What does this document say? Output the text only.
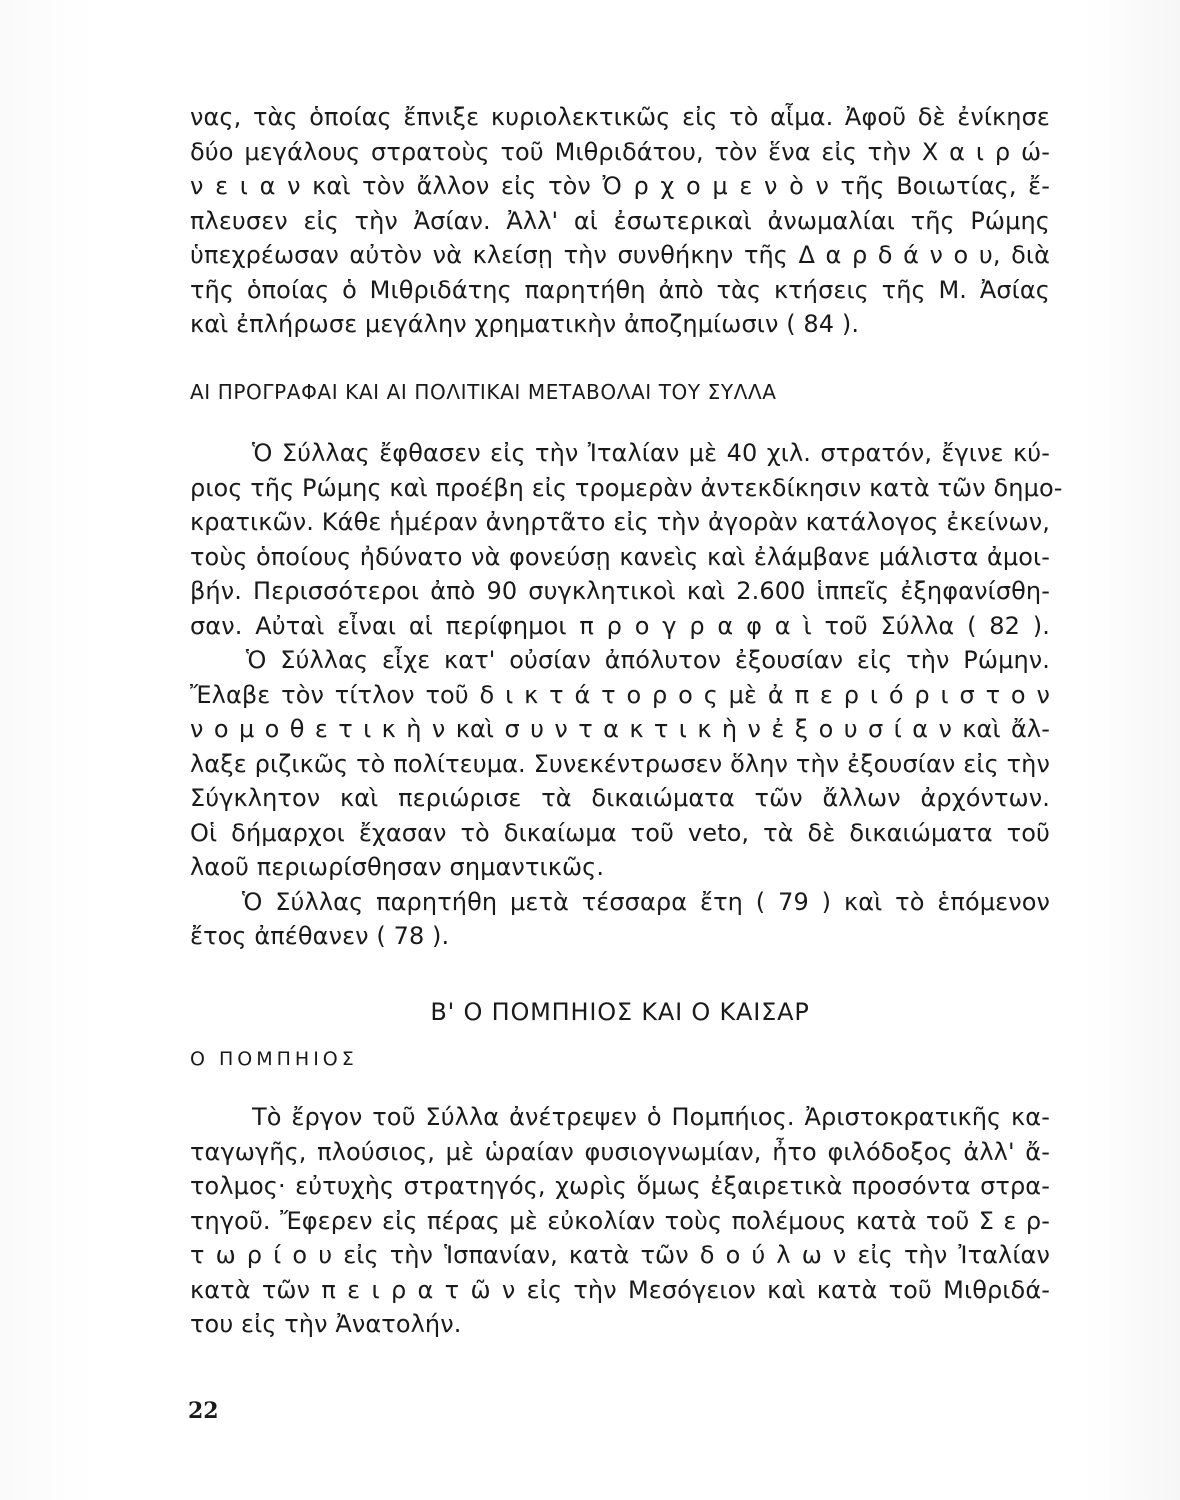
νας, τὰς ὁποίας ἔπνιξε κυριολεκτικῶς εἰς τὸ αἷμα. Ἀφοῦ δὲ ἐνίκησε
δύο μεγάλους στρατοὺς τοῦ Μιθριδάτου, τὸν ἕνα εἰς τὴν Χ α ι ρ ώ-
ν ε ι α ν καὶ τὸν ἄλλον εἰς τὸν Ὀ ρ χ ο μ ε ν ὸ ν τῆς Βοιωτίας, ἔ-
πλευσεν εἰς τὴν Ἀσίαν. Ἀλλ' αἱ ἐσωτερικαὶ ἀνωμαλίαι τῆς Ρώμης
ὑπεχρέωσαν αὐτὸν νὰ κλείσῃ τὴν συνθήκην τῆς Δ α ρ δ ά ν ο υ, διὰ
τῆς ὁποίας ὁ Μιθριδάτης παρητήθη ἀπὸ τὰς κτήσεις τῆς Μ. Ἀσίας
καὶ ἐπλήρωσε μεγάλην χρηματικὴν ἀποζημίωσιν ( 84 ).
ΑΙ ΠΡΟΓΡΑΦΑΙ ΚΑΙ ΑΙ ΠΟΛΙΤΙΚΑΙ ΜΕΤΑΒΟΛΑΙ ΤΟΥ ΣΥΛΛΑ
Ὁ Σύλλας ἔφθασεν εἰς τὴν Ἰταλίαν μὲ 40 χιλ. στρατόν, ἔγινε κύ-
ριος τῆς Ρώμης καὶ προέβη εἰς τρομερὰν ἀντεκδίκησιν κατὰ τῶν δημο-
κρατικῶν. Κάθε ἡμέραν ἀνηρτᾶτο εἰς τὴν ἀγορὰν κατάλογος ἐκείνων,
τοὺς ὁποίους ἠδύνατο νὰ φονεύσῃ κανεὶς καὶ ἐλάμβανε μάλιστα ἀμοι-
βήν. Περισσότεροι ἀπὸ 90 συγκλητικοὶ καὶ 2.600 ἱππεῖς ἐξηφανίσθη-
σαν. Αὐταὶ εἶναι αἱ περίφημοι π ρ ο γ ρ α φ α ὶ τοῦ Σύλλα ( 82 ).
Ὁ Σύλλας εἶχε κατ' οὐσίαν ἀπόλυτον ἐξουσίαν εἰς τὴν Ρώμην.
Ἔλαβε τὸν τίτλον τοῦ δ ι κ τ ά τ ο ρ ο ς μὲ ἀ π ε ρ ι ό ρ ι σ τ ο ν
ν ο μ ο θ ε τ ι κ ὴ ν καὶ σ υ ν τ α κ τ ι κ ὴ ν ἐ ξ ο υ σ ί α ν καὶ ἄλ-
λαξε ριζικῶς τὸ πολίτευμα. Συνεκέντρωσεν ὅλην τὴν ἐξουσίαν εἰς τὴν
Σύγκλητον καὶ περιώρισε τὰ δικαιώματα τῶν ἄλλων ἀρχόντων.
Οἱ δήμαρχοι ἔχασαν τὸ δικαίωμα τοῦ veto, τὰ δὲ δικαιώματα τοῦ
λαοῦ περιωρίσθησαν σημαντικῶς.
Ὁ Σύλλας παρητήθη μετὰ τέσσαρα ἔτη ( 79 ) καὶ τὸ ἑπόμενον
ἔτος ἀπέθανεν ( 78 ).
Β' Ο ΠΟΜΠΗΙΟΣ ΚΑΙ Ο ΚΑΙΣΑΡ
Ο ΠΟΜΠΗΙΟΣ
Τὸ ἔργον τοῦ Σύλλα ἀνέτρεψεν ὁ Πομπήιος. Ἀριστοκρατικῆς κα-
ταγωγῆς, πλούσιος, μὲ ὡραίαν φυσιογνωμίαν, ἦτο φιλόδοξος ἀλλ' ἄ-
τολμος· εὐτυχὴς στρατηγός, χωρὶς ὅμως ἐξαιρετικὰ προσόντα στρα-
τηγοῦ. Ἔφερεν εἰς πέρας μὲ εὐκολίαν τοὺς πολέμους κατὰ τοῦ Σ ε ρ-
τ ω ρ ί ο υ εἰς τὴν Ἱσπανίαν, κατὰ τῶν δ ο ύ λ ω ν εἰς τὴν Ἰταλίαν
κατὰ τῶν π ε ι ρ α τ ῶ ν εἰς τὴν Μεσόγειον καὶ κατὰ τοῦ Μιθριδά-
του εἰς τὴν Ἀνατολήν.
22
